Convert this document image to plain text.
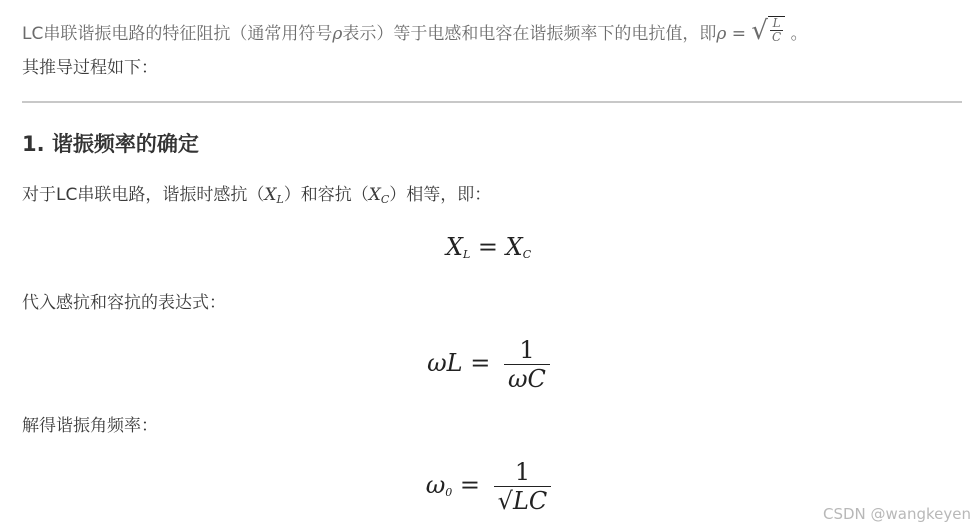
LC串联谐振电路的特征阻抗（通常用符号ρ表示）等于电感和电容在谐振频率下的电抗值，即ρ = √ $\frac{L}{C}$ 。
其推导过程如下：
1. 谐振频率的确定
对于LC串联电路，谐振时感抗$(X_L)$和容抗$(X_C)$相等，即：
$X_L = X_C$
代入感抗和容抗的表达式：
$\omega L = \frac{1}{\omega C}$
解得谐振角频率：
$\omega_0 = \frac{1}{√LC}$	CSDN @wangkeyen
